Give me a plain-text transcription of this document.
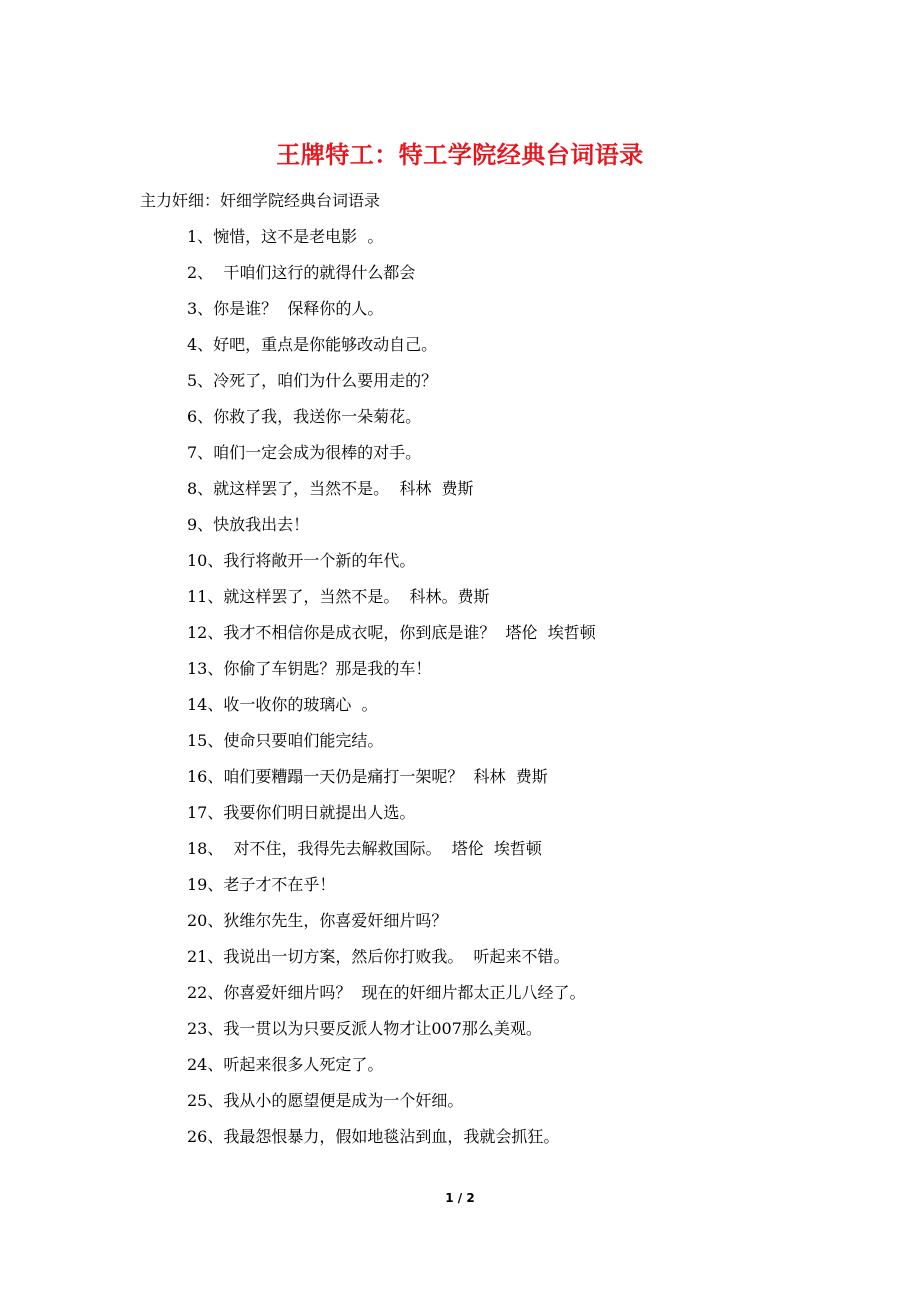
王牌特工：特工学院经典台词语录
主力奸细：奸细学院经典台词语录
1、惋惜，这不是老电影  。
2、  干咱们这行的就得什么都会
3、你是谁？  保释你的人。
4、好吧，重点是你能够改动自己。
5、冷死了，咱们为什么要用走的？
6、你救了我，我送你一朵菊花。
7、咱们一定会成为很棒的对手。
8、就这样罢了，当然不是。  科林  费斯
9、快放我出去！
10、我行将敞开一个新的年代。
11、就这样罢了，当然不是。  科林。费斯
12、我才不相信你是成衣呢，你到底是谁？  塔伦  埃哲顿
13、你偷了车钥匙？那是我的车！
14、收一收你的玻璃心  。
15、使命只要咱们能完结。
16、咱们要糟蹋一天仍是痛打一架呢？  科林  费斯
17、我要你们明日就提出人选。
18、  对不住，我得先去解救国际。  塔伦  埃哲顿
19、老子才不在乎！
20、狄维尔先生，你喜爱奸细片吗？
21、我说出一切方案，然后你打败我。  听起来不错。
22、你喜爱奸细片吗？  现在的奸细片都太正儿八经了。
23、我一贯以为只要反派人物才让007那么美观。
24、听起来很多人死定了。
25、我从小的愿望便是成为一个奸细。
26、我最怨恨暴力，假如地毯沾到血，我就会抓狂。
1 / 2
